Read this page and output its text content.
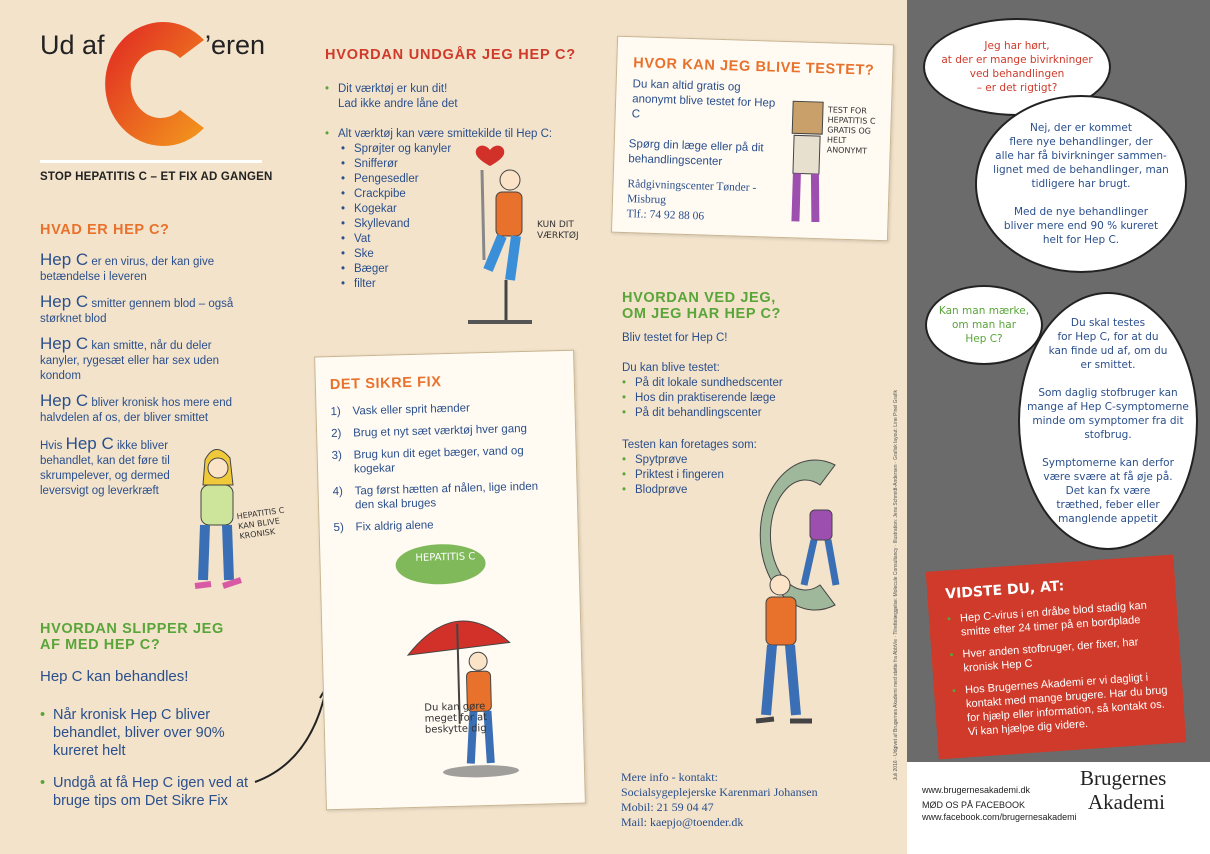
Ud af	’eren
STOP HEPATITIS C – ET FIX AD GANGEN
HVAD ER HEP C?

Hep C er en virus, der kan give betændelse i leveren

Hep C smitter gennem blod – også størknet blod

Hep C kan smitte, når du deler kanyler, rygesæt eller har sex uden kondom

Hep C bliver kronisk hos mere end halvdelen af os, der bliver smittet

Hvis Hep C ikke bliver behandlet, kan det føre til skrumpelever, og dermed leversvigt og leverkræft
HEPATITIS C KAN BLIVE KRONISK
HVORDAN SLIPPER JEG
AF MED HEP C?
Hep C kan behandles!
• Når kronisk Hep C bliver behandlet, bliver over 90% kureret helt
• Undgå at få Hep C igen ved at bruge tips om Det Sikre Fix
HVORDAN UNDGÅR JEG HEP C?
• Dit værktøj er kun dit!
Lad ikke andre låne det
• Alt værktøj kan være smittekilde til Hep C:
• Sprøjter og kanyler
• Snifferør
• Pengesedler
• Crackpibe
• Kogekar
• Skyllevand
• Vat
• Ske
• Bæger
• filter
KUN DIT VÆRKTØJ
DET SIKRE FIX
1) Vask eller sprit hænder
2) Brug et nyt sæt værktøj hver gang
3) Brug kun dit eget bæger, vand og kogekar
4) Tag først hætten af nålen, lige inden den skal bruges
5) Fix aldrig alene
HEPATITIS C
Du kan gøre meget for at beskytte dig
HVOR KAN JEG BLIVE TESTET?
Du kan altid gratis og anonymt blive testet for Hep C
Spørg din læge eller på dit behandlingscenter
Rådgivningscenter Tønder - Misbrug
Tlf.: 74 92 88 06
TEST FOR HEPATITIS C GRATIS OG HELT ANONYMT
HVORDAN VED JEG,
OM JEG HAR HEP C?
Bliv testet for Hep C!
Du kan blive testet:
• På dit lokale sundhedscenter
• Hos din praktiserende læge
• På dit behandlingscenter
Testen kan foretages som:
• Spytprøve
• Priktest i fingeren
• Blodprøve
Mere info - kontakt:
Socialsygeplejerske Karenmari Johansen
Mobil: 21 59 04 47
Mail: kaepjo@toender.dk
Juli 2016 · Udgivet af Brugernes Akademi med støtte fra AbbVie · Tilrettelæggelse: Molecule Consultancy · Illustration: Jens Schmidt-Andersen · Grafisk layout: Line Pinel Grafik
Jeg har hørt,
at der er mange bivirkninger
ved behandlingen
– er det rigtigt?
Nej, der er kommet
flere nye behandlinger, der
alle har få bivirkninger sammen-
lignet med de behandlinger, man
tidligere har brugt.

Med de nye behandlinger
bliver mere end 90 % kureret
helt for Hep C.
Kan man mærke,
om man har
Hep C?
Du skal testes
for Hep C, for at du
kan finde ud af, om du
er smittet.

Som daglig stofbruger kan
mange af Hep C-symptomerne
minde om symptomer fra dit
stofbrug.

Symptomerne kan derfor
være svære at få øje på.
Det kan fx være
træthed, feber eller
manglende appetit
VIDSTE DU, AT:
• Hep C-virus i en dråbe blod stadig kan smitte efter 24 timer på en bordplade
• Hver anden stofbruger, der fixer, har kronisk Hep C
• Hos Brugernes Akademi er vi dagligt i kontakt med mange brugere. Har du brug for hjælp eller information, så kontakt os. Vi kan hjælpe dig videre.
www.brugernesakademi.dk
MØD OS PÅ FACEBOOK
www.facebook.com/brugernesakademi
Brugernes
Akademi
